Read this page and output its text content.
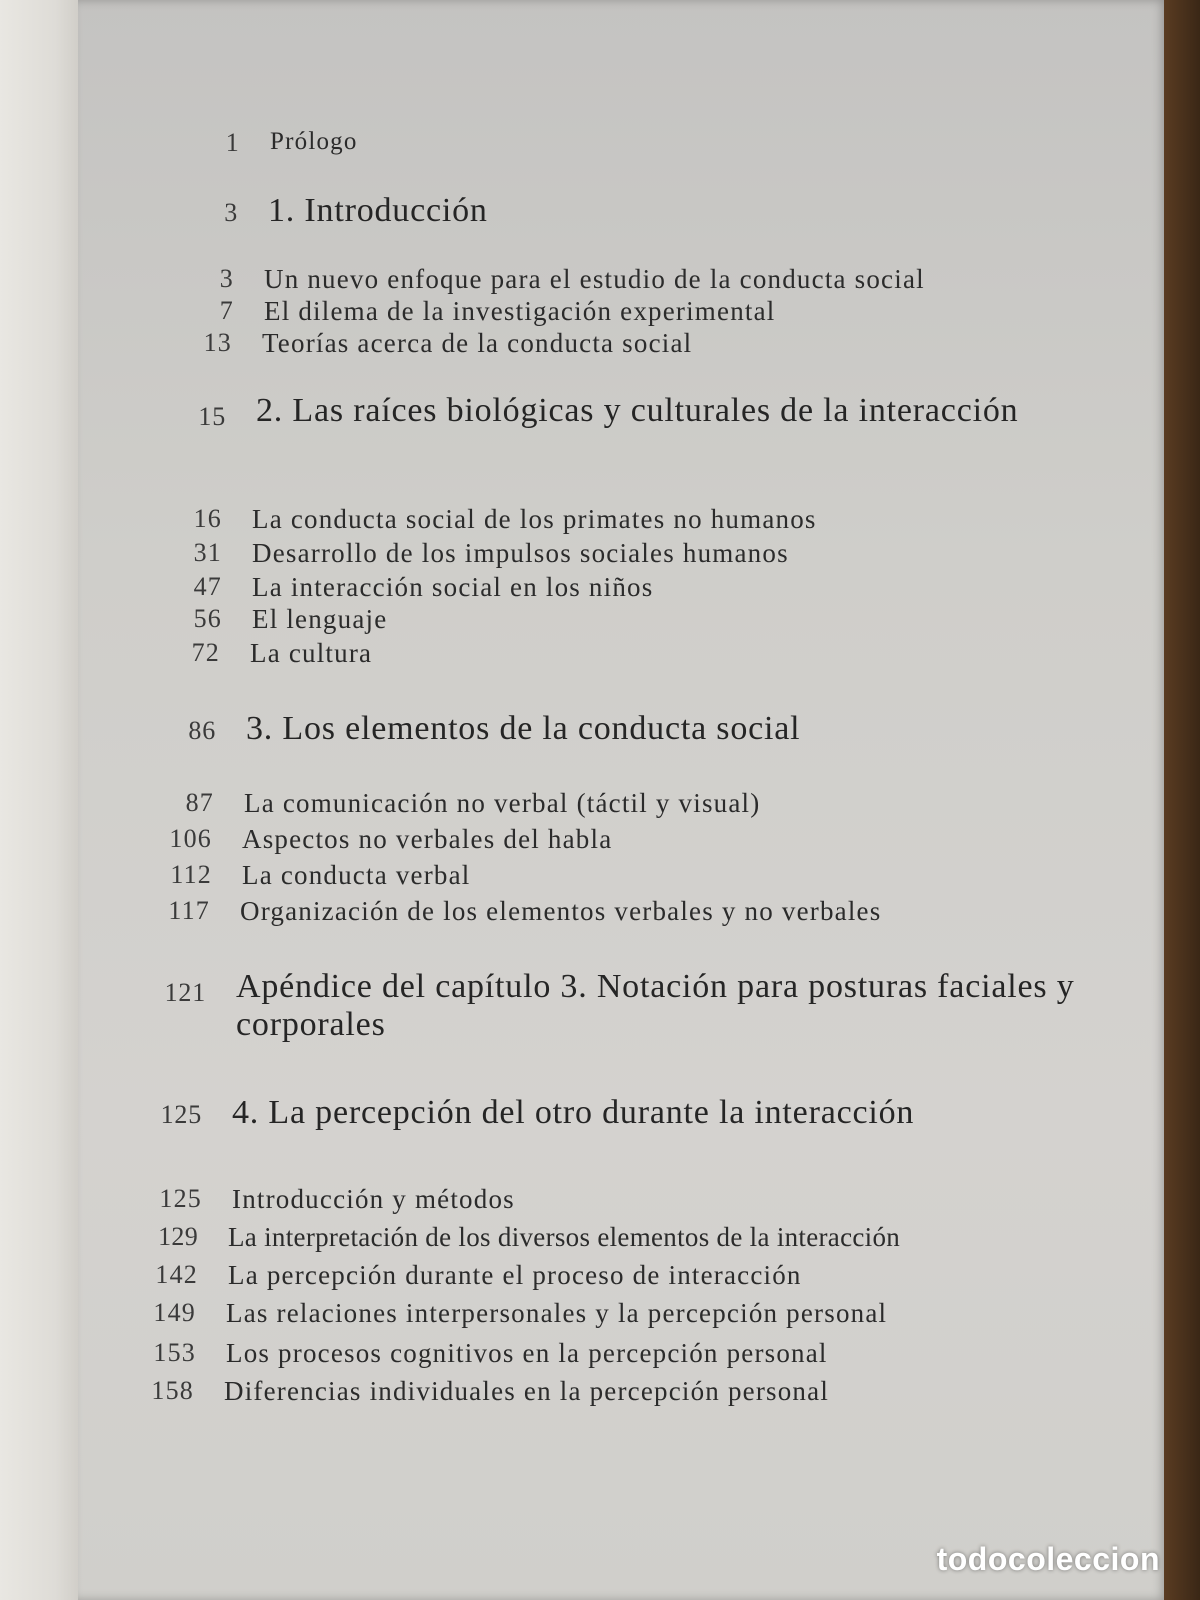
1 Prólogo
3 1. Introducción
3 Un nuevo enfoque para el estudio de la conducta social
7 El dilema de la investigación experimental
13 Teorías acerca de la conducta social
15 2. Las raíces biológicas y culturales de la interacción
16 La conducta social de los primates no humanos
31 Desarrollo de los impulsos sociales humanos
47 La interacción social en los niños
56 El lenguaje
72 La cultura
86 3. Los elementos de la conducta social
87 La comunicación no verbal (táctil y visual)
106 Aspectos no verbales del habla
112 La conducta verbal
117 Organización de los elementos verbales y no verbales
121 Apéndice del capítulo 3. Notación para posturas faciales y corporales
125 4. La percepción del otro durante la interacción
125 Introducción y métodos
129 La interpretación de los diversos elementos de la interacción
142 La percepción durante el proceso de interacción
149 Las relaciones interpersonales y la percepción personal
153 Los procesos cognitivos en la percepción personal
158 Diferencias individuales en la percepción personal
todocoleccion
